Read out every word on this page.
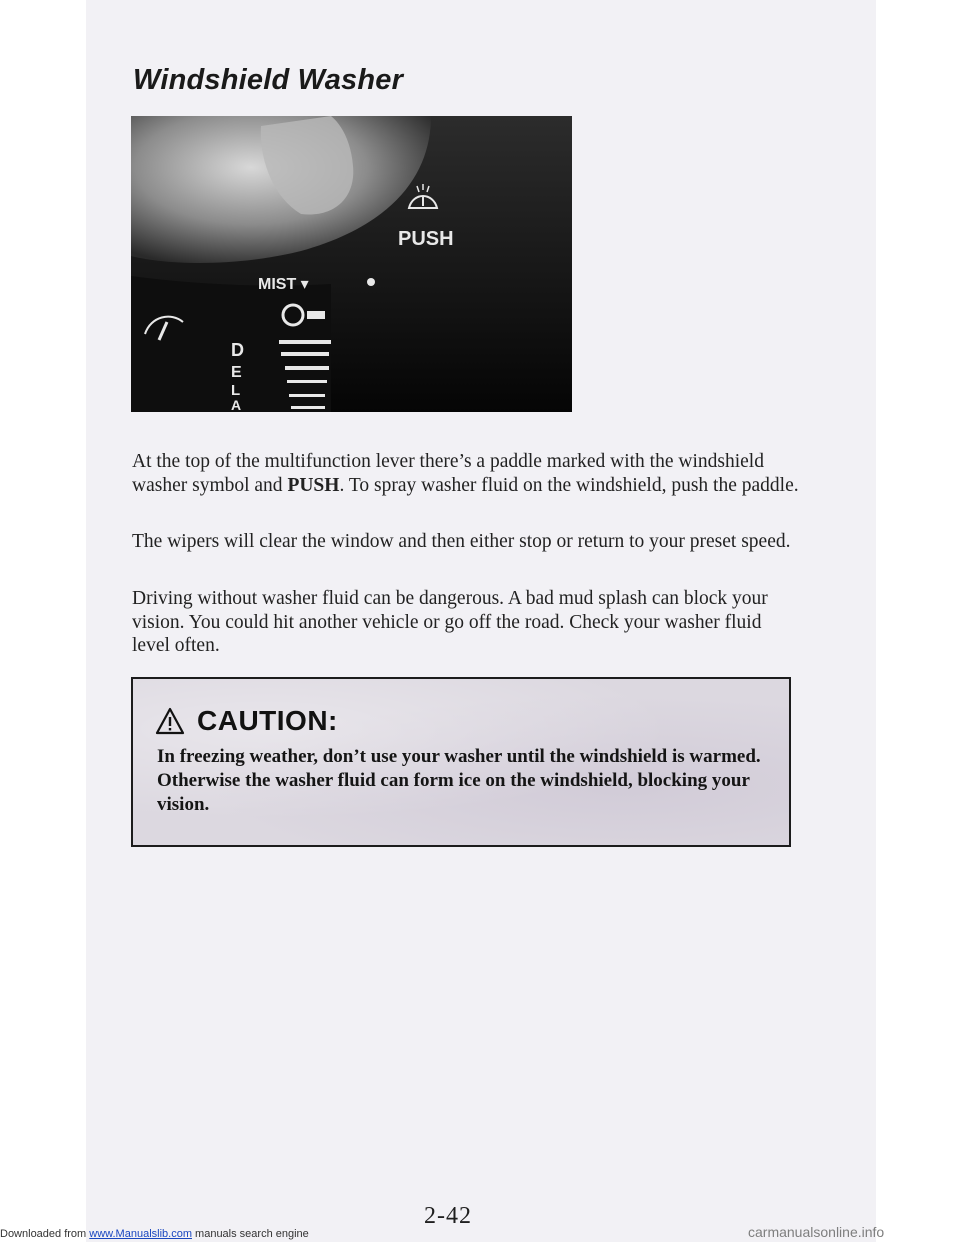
Windshield Washer
PUSH
MIST ▾
D
E
L
A

At the top of the multifunction lever there’s a paddle marked with the windshield washer symbol and PUSH. To spray washer fluid on the windshield, push the paddle.

The wipers will clear the window and then either stop or return to your preset speed.

Driving without washer fluid can be dangerous. A bad mud splash can block your vision. You could hit another vehicle or go off the road. Check your washer fluid level often.

CAUTION:

In freezing weather, don’t use your washer until the windshield is warmed. Otherwise the washer fluid can form ice on the windshield, blocking your vision.

2-42
Downloaded from www.Manualslib.com manuals search engine	carmanualsonline.info
